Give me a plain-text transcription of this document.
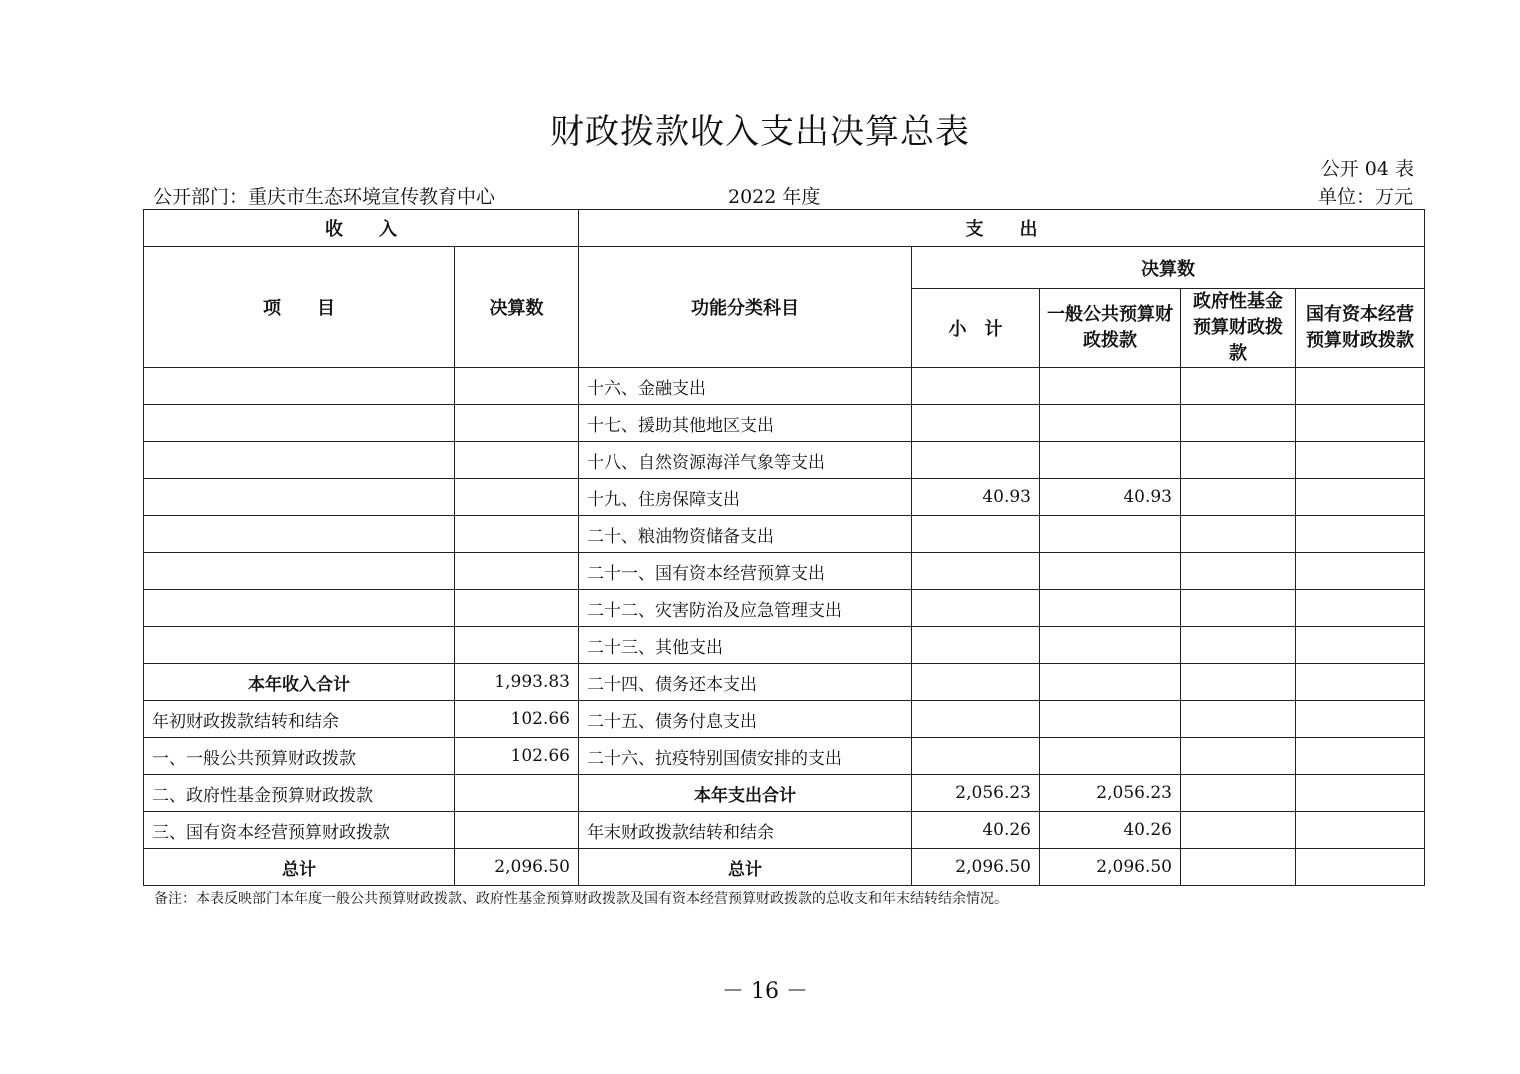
财政拨款收入支出决算总表
公开 04 表
公开部门：重庆市生态环境宣传教育中心	2022 年度	单位：万元
收　　入		支　　出				
项　　目	决算数	功能分类科目	决算数			
			小　计	一般公共预算财政拨款	政府性基金预算财政拨款	国有资本经营预算财政拨款
		十六、金融支出				
		十七、援助其他地区支出				
		十八、自然资源海洋气象等支出				
		十九、住房保障支出	40.93	40.93		
		二十、粮油物资储备支出				
		二十一、国有资本经营预算支出				
		二十二、灾害防治及应急管理支出				
		二十三、其他支出				
本年收入合计	1,993.83	二十四、债务还本支出				
年初财政拨款结转和结余	102.66	二十五、债务付息支出				
一、一般公共预算财政拨款	102.66	二十六、抗疫特别国债安排的支出				
二、政府性基金预算财政拨款		本年支出合计	2,056.23	2,056.23		
三、国有资本经营预算财政拨款		年末财政拨款结转和结余	40.26	40.26		
总计	2,096.50	总计	2,096.50	2,096.50		
备注：本表反映部门本年度一般公共预算财政拨款、政府性基金预算财政拨款及国有资本经营预算财政拨款的总收支和年末结转结余情况。
－ 16 －
